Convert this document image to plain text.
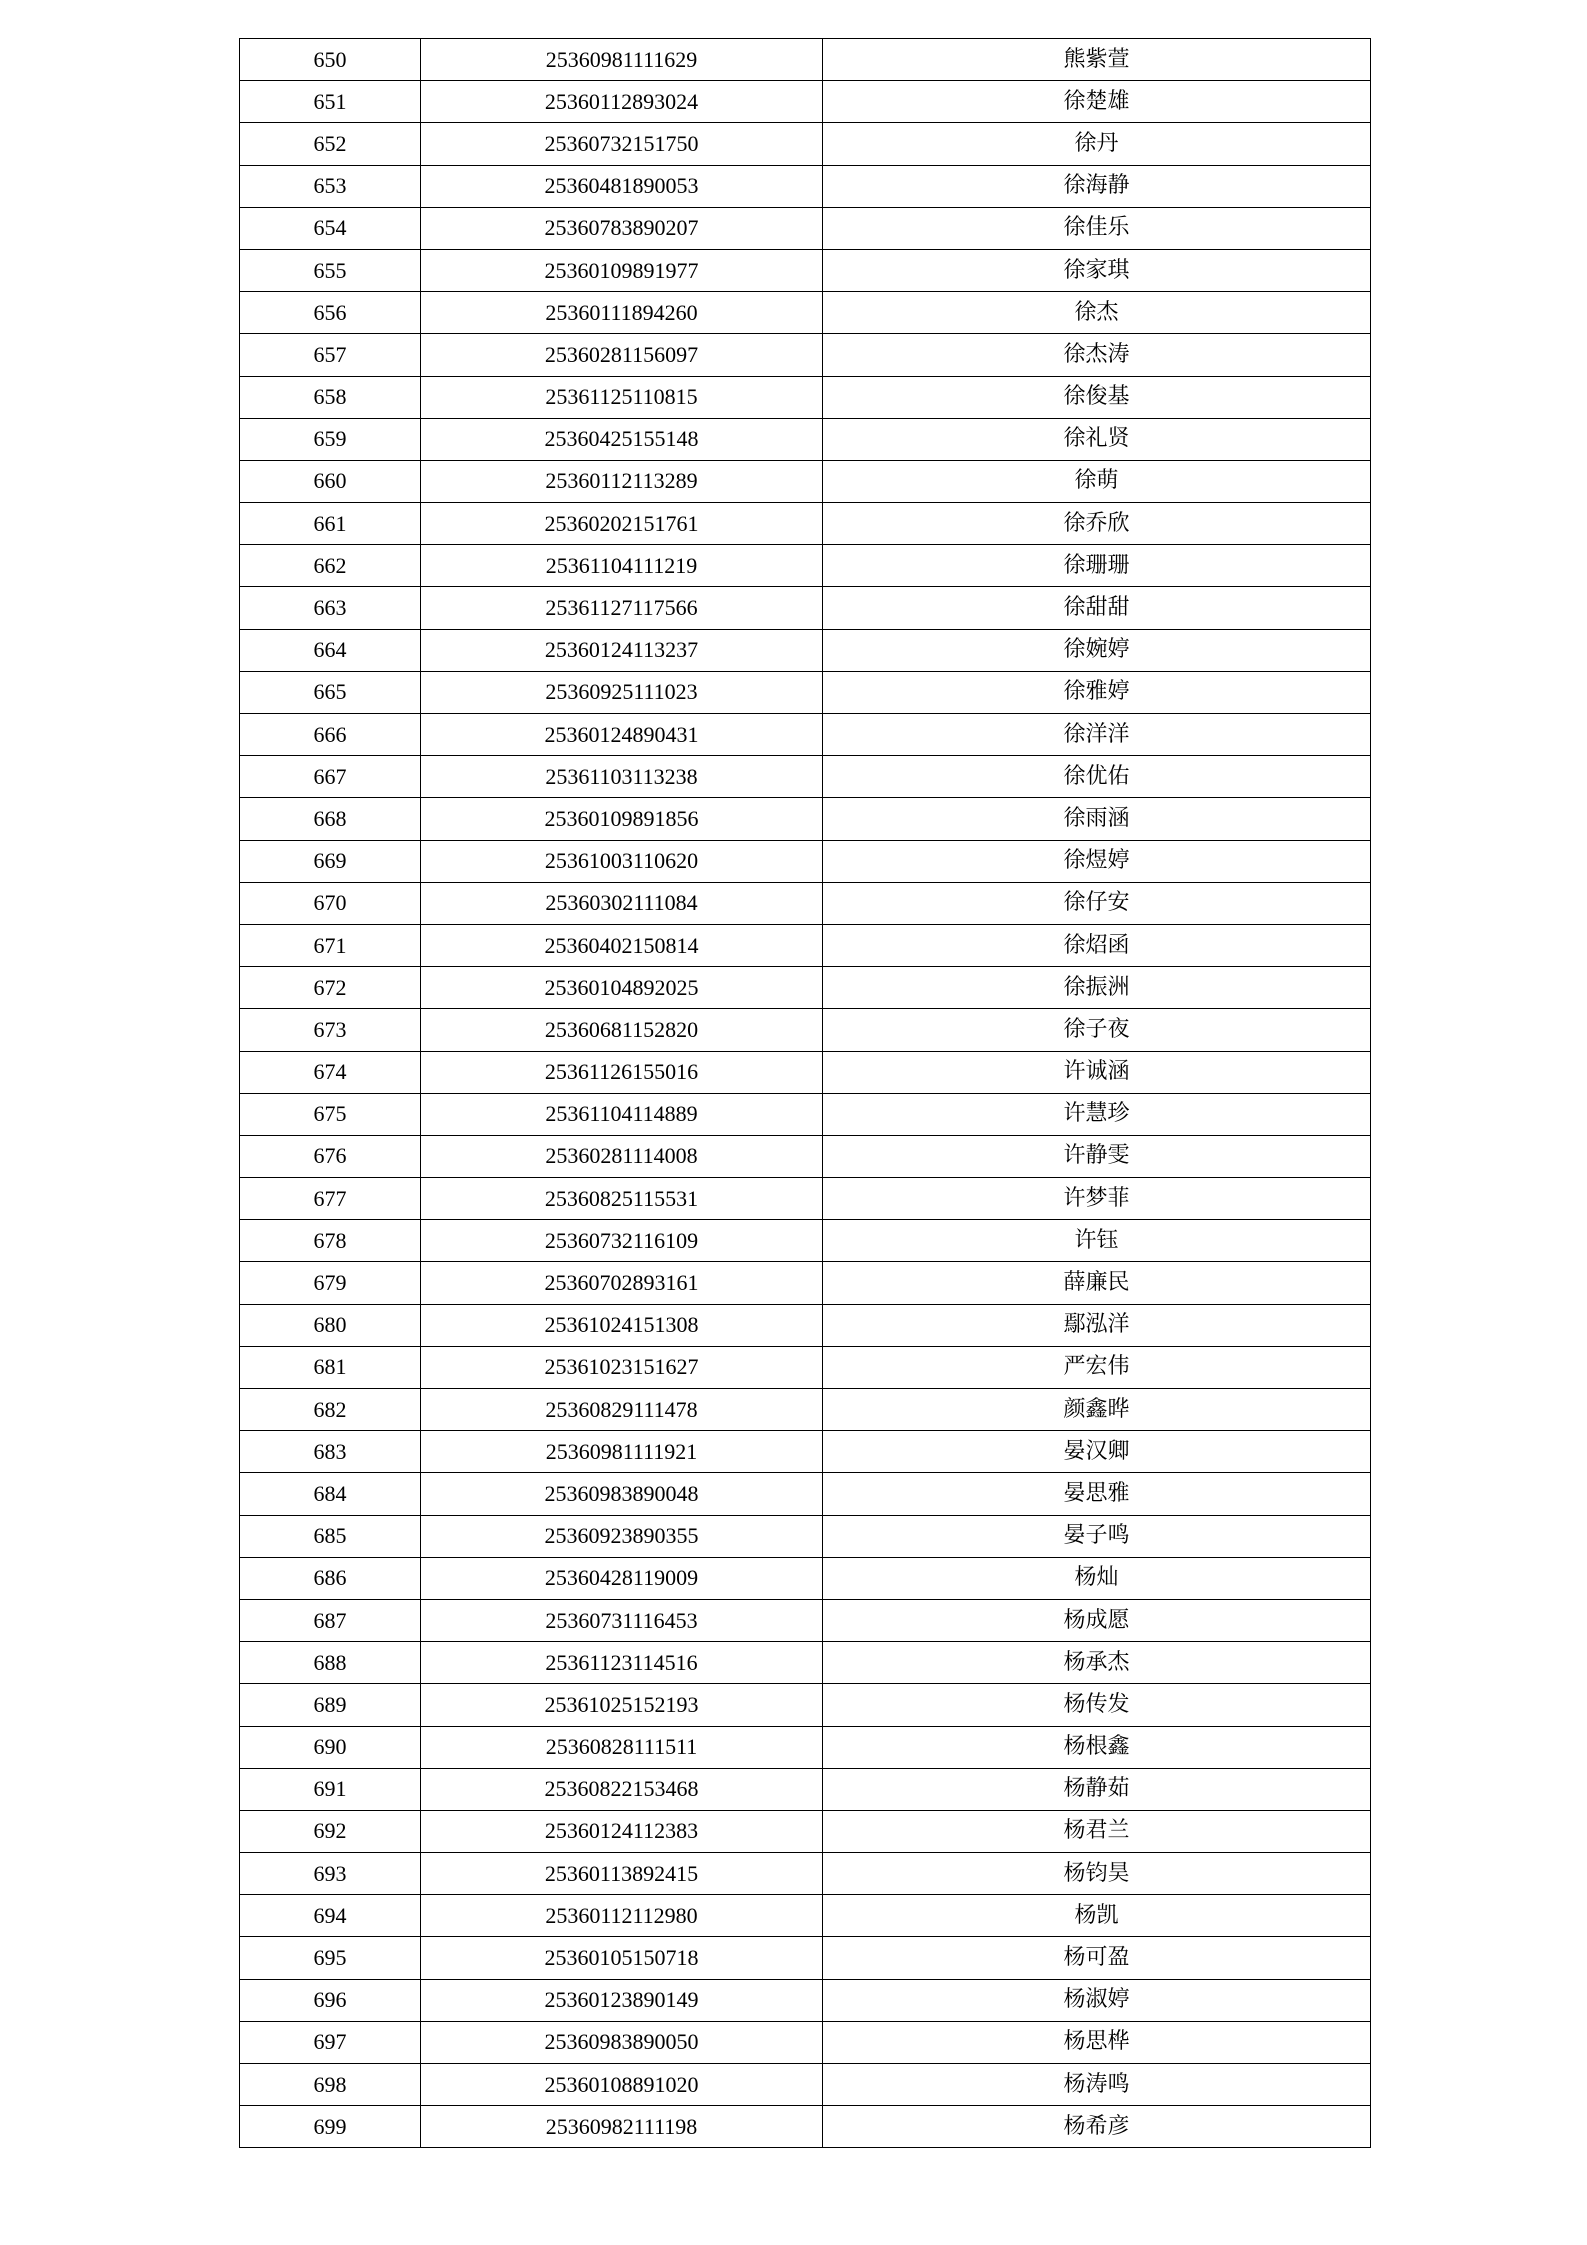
650	25360981111629	熊紫萱
651	25360112893024	徐楚雄
652	25360732151750	徐丹
653	25360481890053	徐海静
654	25360783890207	徐佳乐
655	25360109891977	徐家琪
656	25360111894260	徐杰
657	25360281156097	徐杰涛
658	25361125110815	徐俊基
659	25360425155148	徐礼贤
660	25360112113289	徐萌
661	25360202151761	徐乔欣
662	25361104111219	徐珊珊
663	25361127117566	徐甜甜
664	25360124113237	徐婉婷
665	25360925111023	徐雅婷
666	25360124890431	徐洋洋
667	25361103113238	徐优佑
668	25360109891856	徐雨涵
669	25361003110620	徐煜婷
670	25360302111084	徐仔安
671	25360402150814	徐炤函
672	25360104892025	徐振洲
673	25360681152820	徐子夜
674	25361126155016	许诚涵
675	25361104114889	许慧珍
676	25360281114008	许静雯
677	25360825115531	许梦菲
678	25360732116109	许钰
679	25360702893161	薛廉民
680	25361024151308	鄢泓洋
681	25361023151627	严宏伟
682	25360829111478	颜鑫晔
683	25360981111921	晏汉卿
684	25360983890048	晏思雅
685	25360923890355	晏子鸣
686	25360428119009	杨灿
687	25360731116453	杨成愿
688	25361123114516	杨承杰
689	25361025152193	杨传发
690	25360828111511	杨根鑫
691	25360822153468	杨静茹
692	25360124112383	杨君兰
693	25360113892415	杨钧昊
694	25360112112980	杨凯
695	25360105150718	杨可盈
696	25360123890149	杨淑婷
697	25360983890050	杨思桦
698	25360108891020	杨涛鸣
699	25360982111198	杨希彦
